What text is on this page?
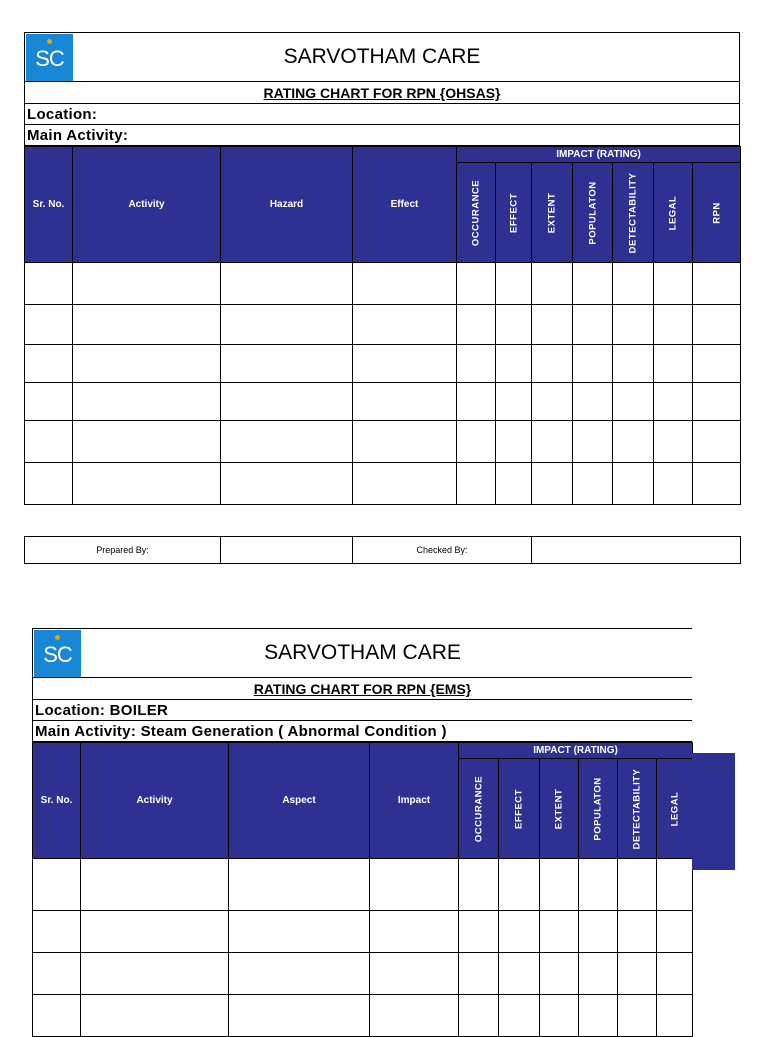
SC	SARVOTHAM CARE
RATING CHART FOR RPN {OHSAS}
Location:
Main Activity:
Sr. No.	Activity	Hazard	Effect	IMPACT (RATING)						

				OCCURANCE	EFFECT	EXTENT	POPULATON	DETECTABILITY	LEGAL	RPN

Prepared By:		Checked By:	
SC	SARVOTHAM CARE
RATING CHART FOR RPN {EMS}
Location: BOILER
Main Activity: Steam Generation ( Abnormal Condition )
Sr. No.	Activity	Aspect	Impact	IMPACT (RATING)					

				OCCURANCE	EFFECT	EXTENT	POPULATON	DETECTABILITY	LEGAL
